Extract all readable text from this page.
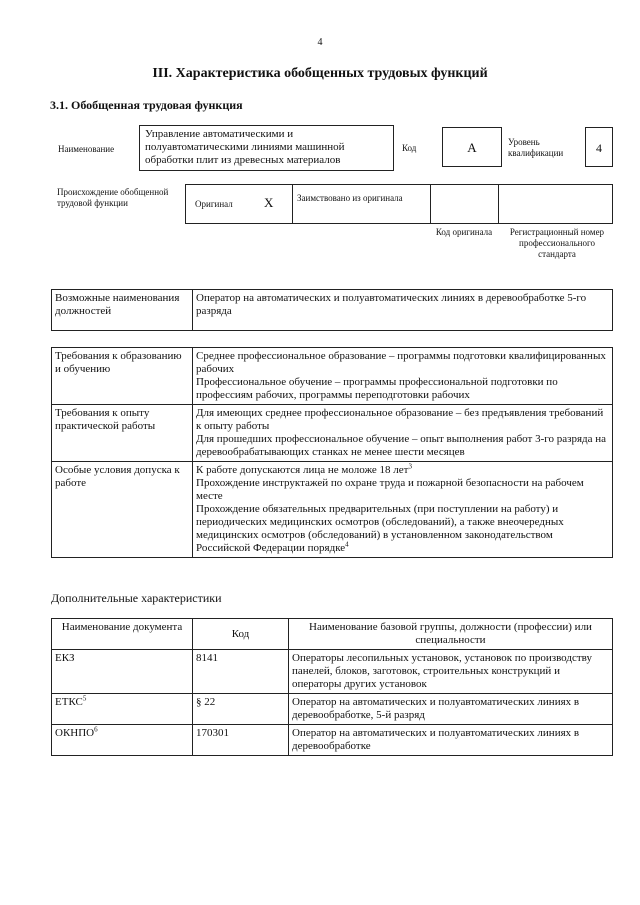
4
III. Характеристика обобщенных трудовых функций
3.1. Обобщенная трудовая функция
Наименование
Управление автоматическими и полуавтоматическими линиями машинной обработки плит из древесных материалов
Код	А	Уровень квалификации	4
Происхождение обобщенной трудовой функции	Оригинал X	Заимствовано из оригинала
Код оригинала	Регистрационный номер профессионального стандарта
Возможные наименования должностей	Оператор на автоматических и полуавтоматических линиях в деревообработке 5-го разряда
Требования к образованию и обучению	Среднее профессиональное образование – программы подготовки квалифицированных рабочих
Профессиональное обучение – программы профессиональной подготовки по профессиям рабочих, программы переподготовки рабочих

Требования к опыту практической работы	Для имеющих среднее профессиональное образование – без предъявления требований к опыту работы
Для прошедших профессиональное обучение – опыт выполнения работ 3-го разряда на деревообрабатывающих станках не менее шести месяцев

Особые условия допуска к работе	К работе допускаются лица не моложе 18 лет$^3$
Прохождение инструктажей по охране труда и пожарной безопасности на рабочем месте
Прохождение обязательных предварительных (при поступлении на работу) и периодических медицинских осмотров (обследований), а также внеочередных медицинских осмотров (обследований) в установленном законодательством Российской Федерации порядке$^4$
Дополнительные характеристики
Наименование документа	Код	Наименование базовой группы, должности (профессии) или специальности
ЕКЗ	8141	Операторы лесопильных установок, установок по производству панелей, блоков, заготовок, строительных конструкций и операторы других установок
ЕТКС$^5$	§ 22	Оператор на автоматических и полуавтоматических линиях в деревообработке, 5-й разряд
ОКНПО$^6$	170301	Оператор на автоматических и полуавтоматических линиях в деревообработке
